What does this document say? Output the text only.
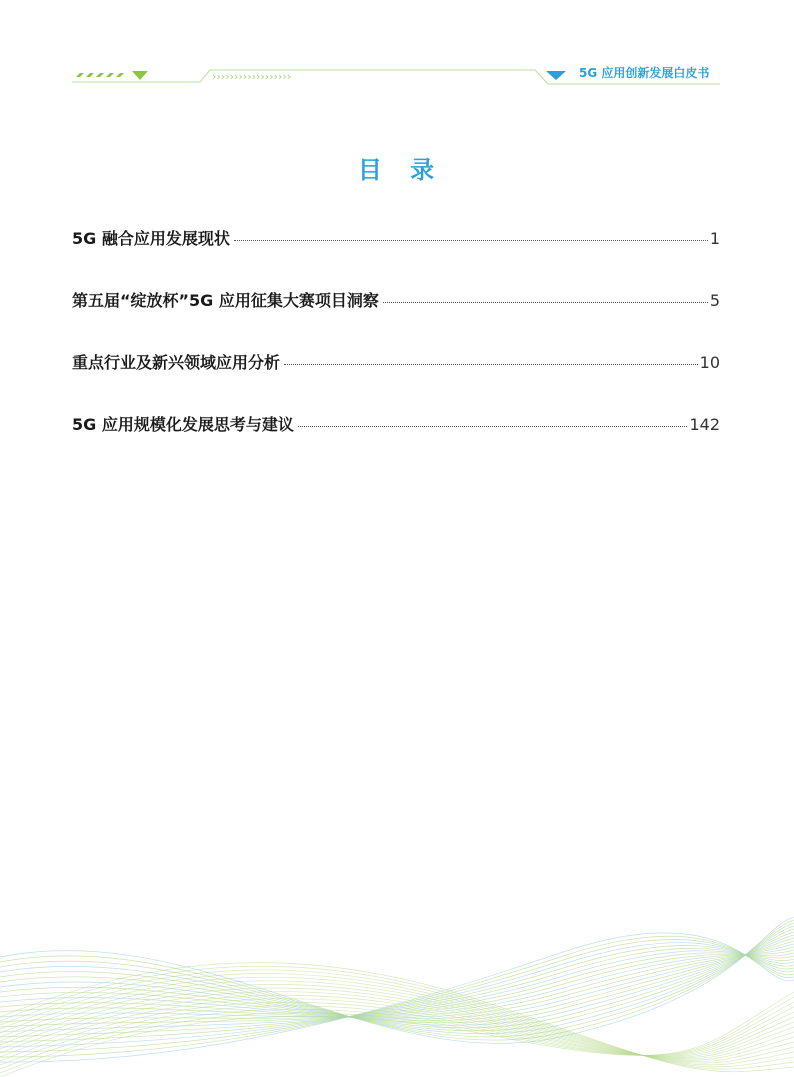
››››››››››››››››››	5G 应用创新发展白皮书
目 录
5G 融合应用发展现状	1
第五届“绽放杯”5G 应用征集大赛项目洞察	5
重点行业及新兴领域应用分析	10
5G 应用规模化发展思考与建议	142
